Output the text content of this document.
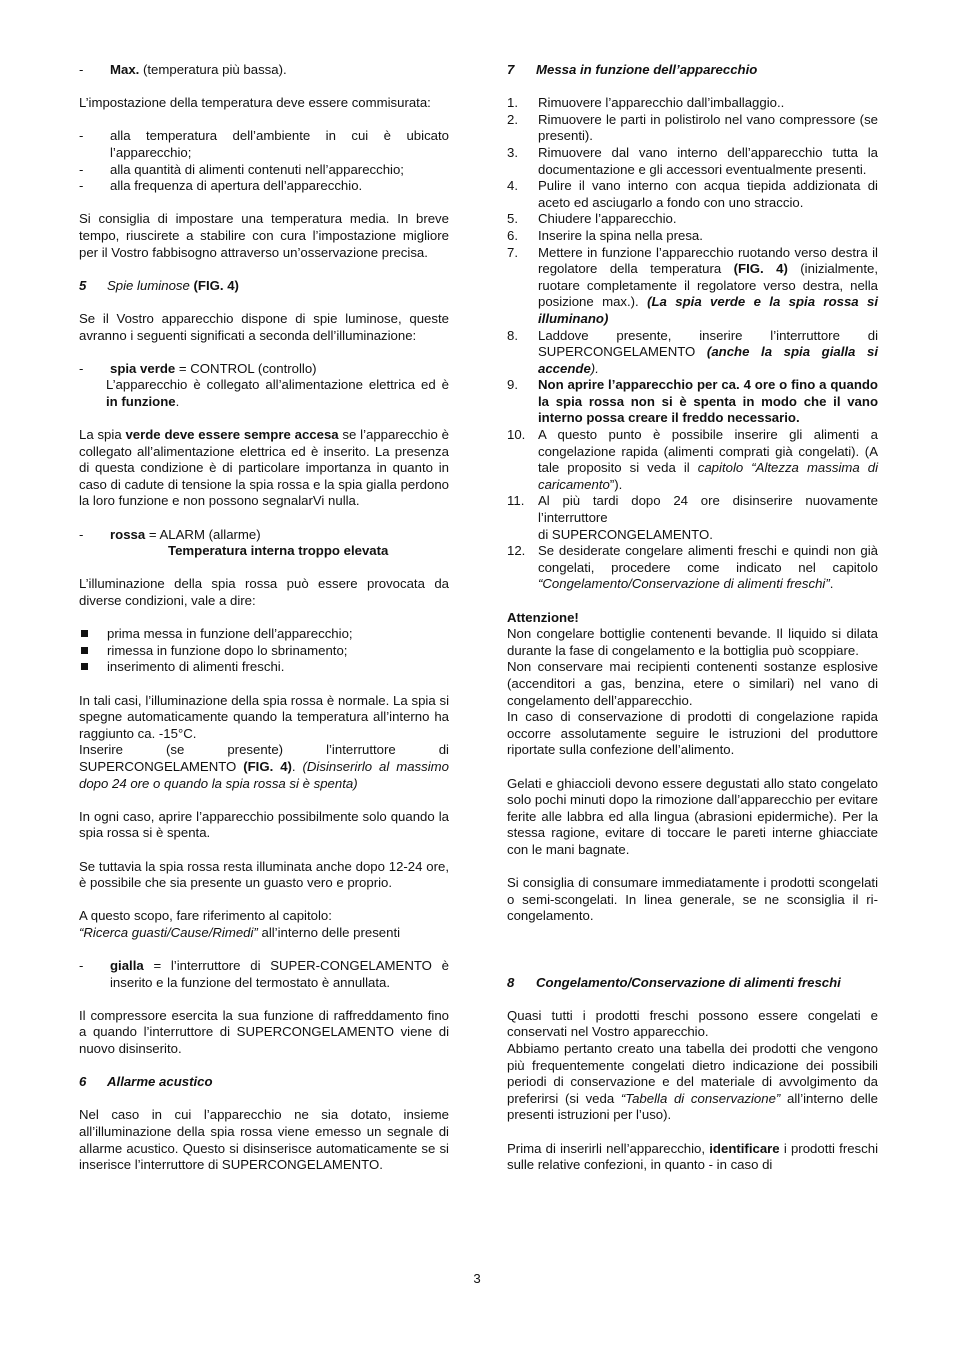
- Max. (temperatura più bassa).

L’impostazione della temperatura deve essere commisurata:

- alla temperatura dell’ambiente in cui è ubicato l’apparecchio;

- alla quantità di alimenti contenuti nell’apparecchio;

- alla frequenza di apertura dell’apparecchio.

Si consiglia di impostare una temperatura media. In breve tempo, riuscirete a stabilire con cura l’impostazione migliore per il Vostro fabbisogno attraverso un’osservazione precisa.

5 Spie luminose (FIG. 4)

Se il Vostro apparecchio dispone di spie luminose, queste avranno i seguenti significati a seconda dell’illuminazione:

- spia verde = CONTROL (controllo)

L’apparecchio è collegato all’alimentazione elettrica ed è in funzione.

La spia verde deve essere sempre accesa se l’apparecchio è collegato all’alimentazione elettrica ed è inserito. La presenza di questa condizione è di particolare importanza in quanto in caso di cadute di tensione la spia rossa e la spia gialla perdono la loro funzione e non possono segnalarVi nulla.

- rossa = ALARM (allarme)

Temperatura interna troppo elevata

L’illuminazione della spia rossa può essere provocata da diverse condizioni, vale a dire:

prima messa in funzione dell’apparecchio;

rimessa in funzione dopo lo sbrinamento;

inserimento di alimenti freschi.

In tali casi, l’illuminazione della spia rossa è normale. La spia si spegne automaticamente quando la temperatura all’interno ha raggiunto ca. -15°C.

Inserire (se presente) l’interruttore di SUPERCONGELAMENTO (FIG. 4). (Disinserirlo al massimo dopo 24 ore o quando la spia rossa si è spenta)

In ogni caso, aprire l’apparecchio possibilmente solo quando la spia rossa si è spenta.

Se tuttavia la spia rossa resta illuminata anche dopo 12-24 ore, è possibile che sia presente un guasto vero e proprio.

A questo scopo, fare riferimento al capitolo:

“Ricerca guasti/Cause/Rimedi” all’interno delle presenti

- gialla = l’interruttore di SUPER-CONGELAMENTO è inserito e la funzione del termostato è annullata.

Il compressore esercita la sua funzione di raffreddamento fino a quando l’interruttore di SUPERCONGELAMENTO viene di nuovo disinserito.

6 Allarme acustico

Nel caso in cui l’apparecchio ne sia dotato, insieme all’illuminazione della spia rossa viene emesso un segnale di allarme acustico. Questo si disinserisce automaticamente se si inserisce l’interruttore di SUPERCONGELAMENTO.

7 Messa in funzione dell’apparecchio

1. Rimuovere l’apparecchio dall’imballaggio..

2. Rimuovere le parti in polistirolo nel vano compressore (se presenti).

3. Rimuovere dal vano interno dell’apparecchio tutta la documentazione e gli accessori eventualmente presenti.

4. Pulire il vano interno con acqua tiepida addizionata di aceto ed asciugarlo a fondo con uno straccio.

5. Chiudere l’apparecchio.

6. Inserire la spina nella presa.

7. Mettere in funzione l’apparecchio ruotando verso destra il regolatore della temperatura (FIG. 4) (inizialmente, ruotare completamente il regolatore verso destra, nella posizione max.). (La spia verde e la spia rossa si illuminano)

8. Laddove presente, inserire l’interruttore di SUPERCONGELAMENTO (anche la spia gialla si accende).

9. Non aprire l’apparecchio per ca. 4 ore o fino a quando la spia rossa non si è spenta in modo che il vano interno possa creare il freddo necessario.

10. A questo punto è possibile inserire gli alimenti a congelazione rapida (alimenti comprati già congelati). (A tale proposito si veda il capitolo “Altezza massima di caricamento”).

11. Al più tardi dopo 24 ore disinserire nuovamente l’interruttore
di SUPERCONGELAMENTO.

12. Se desiderate congelare alimenti freschi e quindi non già congelati, procedere come indicato nel capitolo “Congelamento/Conservazione di alimenti freschi”.

Attenzione!

Non congelare bottiglie contenenti bevande. Il liquido si dilata durante la fase di congelamento e la bottiglia può scoppiare.

Non conservare mai recipienti contenenti sostanze esplosive (accenditori a gas, benzina, etere o similari) nel vano di congelamento dell’apparecchio.

In caso di conservazione di prodotti di congelazione rapida occorre assolutamente seguire le istruzioni del produttore riportate sulla confezione dell’alimento.

Gelati e ghiaccioli devono essere degustati allo stato congelato solo pochi minuti dopo la rimozione dall’apparecchio per evitare ferite alle labbra ed alla lingua (abrasioni epidermiche). Per la stessa ragione, evitare di toccare le pareti interne ghiacciate con le mani bagnate.

Si consiglia di consumare immediatamente i prodotti scongelati o semi-scongelati. In linea generale, se ne sconsiglia il ri-congelamento.

8 Congelamento/Conservazione di alimenti freschi

Quasi tutti i prodotti freschi possono essere congelati e conservati nel Vostro apparecchio.

Abbiamo pertanto creato una tabella dei prodotti che vengono più frequentemente congelati dietro indicazione dei possibili periodi di conservazione e del materiale di avvolgimento da preferirsi (si veda “Tabella di conservazione” all’interno delle presenti istruzioni per l’uso).

Prima di inserirli nell’apparecchio, identificare i prodotti freschi sulle relative confezioni, in quanto - in caso di

3
